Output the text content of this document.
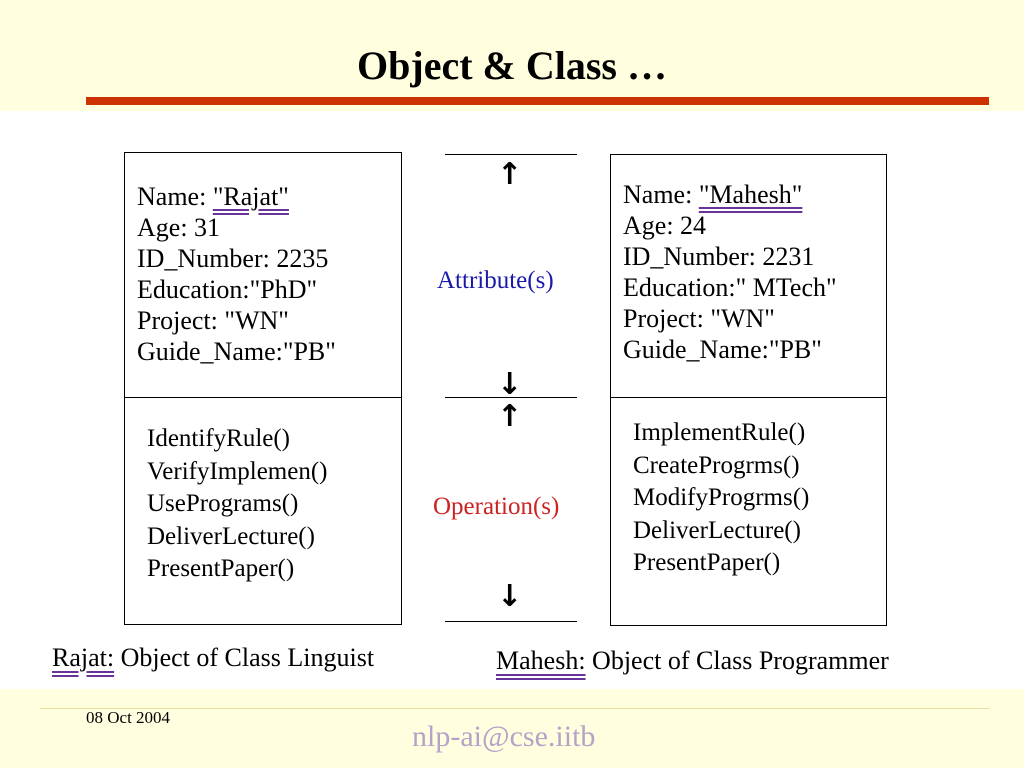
Object & Class …
Name: "Rajat"
Age: 31
ID_Number: 2235
Education:"PhD"
Project: "WN"
Guide_Name:"PB"
IdentifyRule()
VerifyImplemen()
UsePrograms()
DeliverLecture()
PresentPaper()
Name: "Mahesh"
Age: 24
ID_Number: 2231
Education:" MTech"
Project: "WN"
Guide_Name:"PB"
ImplementRule()
CreateProgrms()
ModifyProgrms()
DeliverLecture()
PresentPaper()
↑
Attribute(s)
↓
↑
Operation(s)
↓
Rajat: Object of Class Linguist	Mahesh: Object of Class Programmer
08 Oct 2004
nlp-ai@cse.iitb
